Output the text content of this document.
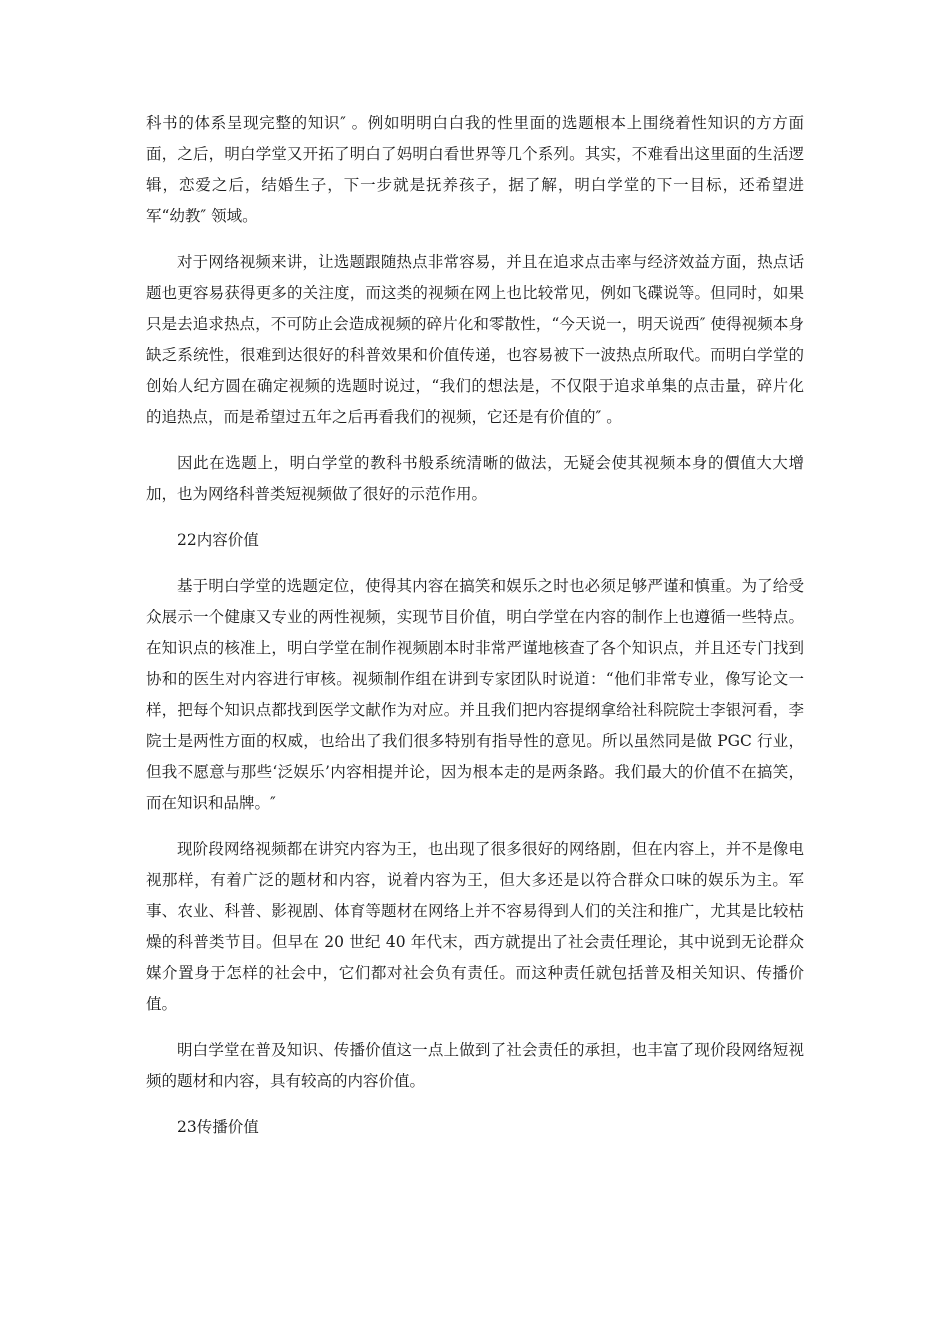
科书的体系呈现完整的知识″ 。例如明明白白我的性里面的选题根本上围绕着性知识的方方面面，之后，明白学堂又开拓了明白了妈明白看世界等几个系列。其实，不难看出这里面的生活逻辑，恋爱之后，结婚生子，下一步就是抚养孩子，据了解，明白学堂的下一目标，还希望进军“幼教″ 领域。

对于网络视频来讲，让选题跟随热点非常容易，并且在追求点击率与经济效益方面，热点话题也更容易获得更多的关注度，而这类的视频在网上也比较常见，例如飞碟说等。但同时，如果只是去追求热点，不可防止会造成视频的碎片化和零散性，“今天说一，明天说西″ 使得视频本身缺乏系统性，很难到达很好的科普效果和价值传递，也容易被下一波热点所取代。而明白学堂的创始人纪方圆在确定视频的选题时说过，“我们的想法是，不仅限于追求单集的点击量，碎片化的追热点，而是希望过五年之后再看我们的视频，它还是有价值的″ 。

因此在选题上，明白学堂的教科书般系统清晰的做法，无疑会使其视频本身的價值大大增加，也为网络科普类短视频做了很好的示范作用。

22内容价值

基于明白学堂的选题定位，使得其内容在搞笑和娱乐之时也必须足够严谨和慎重。为了给受众展示一个健康又专业的两性视频，实现节目价值，明白学堂在内容的制作上也遵循一些特点。在知识点的核准上，明白学堂在制作视频剧本时非常严谨地核查了各个知识点，并且还专门找到协和的医生对内容进行审核。视频制作组在讲到专家团队时说道：“他们非常专业，像写论文一样，把每个知识点都找到医学文献作为对应。并且我们把内容提纲拿给社科院院士李银河看，李院士是两性方面的权威，也给出了我们很多特别有指导性的意见。所以虽然同是做 PGC 行业，但我不愿意与那些‘泛娱乐’内容相提并论，因为根本走的是两条路。我们最大的价值不在搞笑，而在知识和品牌。″

现阶段网络视频都在讲究内容为王，也出现了很多很好的网络剧，但在内容上，并不是像电视那样，有着广泛的题材和内容，说着内容为王，但大多还是以符合群众口味的娱乐为主。军事、农业、科普、影视剧、体育等题材在网络上并不容易得到人们的关注和推广，尤其是比较枯燥的科普类节目。但早在 20 世纪 40 年代末，西方就提出了社会责任理论，其中说到无论群众媒介置身于怎样的社会中，它们都对社会负有责任。而这种责任就包括普及相关知识、传播价值。

明白学堂在普及知识、传播价值这一点上做到了社会责任的承担，也丰富了现价段网络短视频的题材和内容，具有较高的内容价值。

23传播价值
